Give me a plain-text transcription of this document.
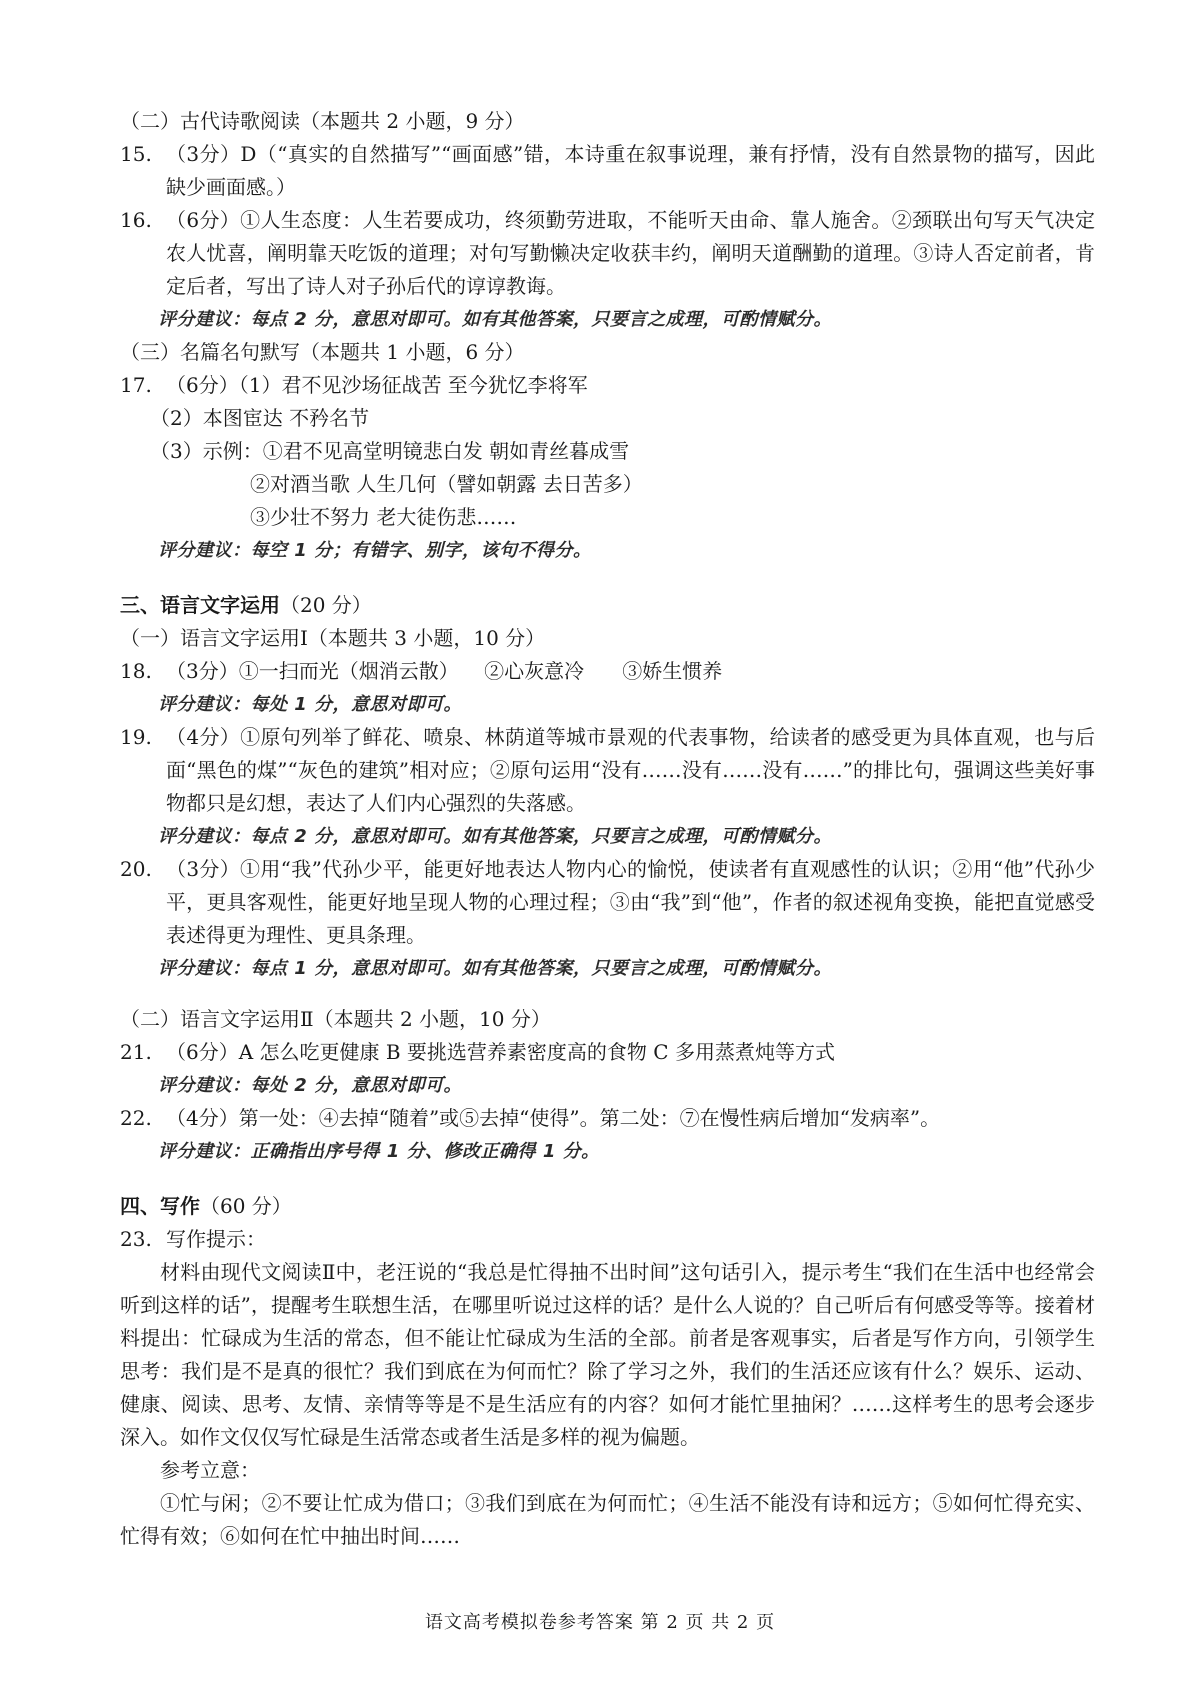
（二）古代诗歌阅读（本题共 2 小题，9 分）

15. （3分）D（“真实的自然描写”“画面感”错，本诗重在叙事说理，兼有抒情，没有自然景物的描写，因此缺少画面感。）
16. （6分）①人生态度：人生若要成功，终须勤劳进取，不能听天由命、靠人施舍。②颈联出句写天气决定农人忧喜，阐明靠天吃饭的道理；对句写勤懒决定收获丰约，阐明天道酬勤的道理。③诗人否定前者，肯定后者，写出了诗人对子孙后代的谆谆教诲。

评分建议：每点 2 分，意思对即可。如有其他答案，只要言之成理，可酌情赋分。

（三）名篇名句默写（本题共 1 小题，6 分）

17. （6分）（1）君不见沙场征战苦 至今犹忆李将军

（2）本图宦达 不矜名节

（3）示例：①君不见高堂明镜悲白发 朝如青丝暮成雪

②对酒当歌 人生几何（譬如朝露 去日苦多）

③少壮不努力 老大徒伤悲……

评分建议：每空 1 分；有错字、别字，该句不得分。

三、语言文字运用（20 分）

（一）语言文字运用Ⅰ（本题共 3 小题，10 分）

18. （3分）①一扫而光（烟消云散）    ②心灰意冷      ③娇生惯养

评分建议：每处 1 分，意思对即可。

19. （4分）①原句列举了鲜花、喷泉、林荫道等城市景观的代表事物，给读者的感受更为具体直观，也与后面“黑色的煤”“灰色的建筑”相对应；②原句运用“没有……没有……没有……”的排比句，强调这些美好事物都只是幻想，表达了人们内心强烈的失落感。

评分建议：每点 2 分，意思对即可。如有其他答案，只要言之成理，可酌情赋分。

20. （3分）①用“我”代孙少平，能更好地表达人物内心的愉悦，使读者有直观感性的认识；②用“他”代孙少平，更具客观性，能更好地呈现人物的心理过程；③由“我”到“他”，作者的叙述视角变换，能把直觉感受表述得更为理性、更具条理。

评分建议：每点 1 分，意思对即可。如有其他答案，只要言之成理，可酌情赋分。

（二）语言文字运用Ⅱ（本题共 2 小题，10 分）

21. （6分）A 怎么吃更健康 B 要挑选营养素密度高的食物 C 多用蒸煮炖等方式

评分建议：每处 2 分，意思对即可。

22. （4分）第一处：④去掉“随着”或⑤去掉“使得”。第二处：⑦在慢性病后增加“发病率”。

评分建议：正确指出序号得 1 分、修改正确得 1 分。

四、写作（60 分）

23. 写作提示：

材料由现代文阅读Ⅱ中，老汪说的“我总是忙得抽不出时间”这句话引入，提示考生“我们在生活中也经常会听到这样的话”，提醒考生联想生活，在哪里听说过这样的话？是什么人说的？自己听后有何感受等等。接着材料提出：忙碌成为生活的常态，但不能让忙碌成为生活的全部。前者是客观事实，后者是写作方向，引领学生思考：我们是不是真的很忙？我们到底在为何而忙？除了学习之外，我们的生活还应该有什么？娱乐、运动、健康、阅读、思考、友情、亲情等等是不是生活应有的内容？如何才能忙里抽闲？……这样考生的思考会逐步深入。如作文仅仅写忙碌是生活常态或者生活是多样的视为偏题。

参考立意：

①忙与闲；②不要让忙成为借口；③我们到底在为何而忙；④生活不能没有诗和远方；⑤如何忙得充实、忙得有效；⑥如何在忙中抽出时间……

语文高考模拟卷参考答案 第 2 页 共 2 页
